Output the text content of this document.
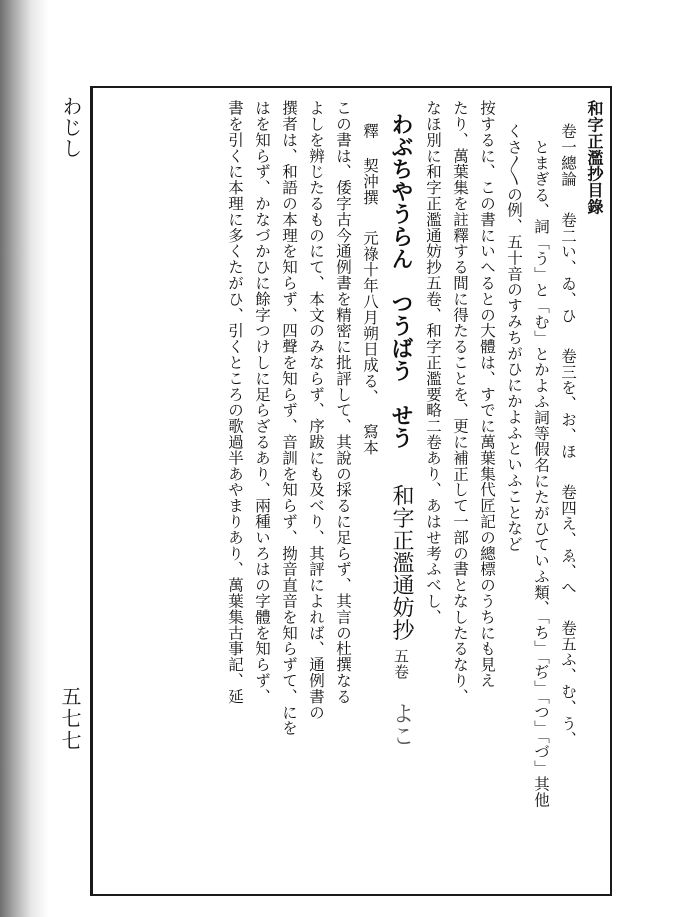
わじし
五七七
和字正濫抄目錄
卷一總論卷二い、ゐ、ひ卷三を、お、ほ卷四え、ゑ、へ卷五ふ、む、う、
とまぎる、詞「う」と「む」とかよふ詞等假名にたがひていふ類、「ち」「ぢ」「つ」「づ」其他
くさ〱の例、五十音のすみちがひにかよふといふことなど
按するに、この書にいへるとの大體は、すでに萬葉集代匠記の總標のうちにも見え
たり、萬葉集を註釋する間に得たることを、更に補正して一部の書となしたるなり、
なほ別に和字正濫通妨抄五卷、和字正濫要略二卷あり、あはせ考ふべし、
わぶちやうらん　つうばう　せう和字正濫通妨抄五卷よこ
釋契沖撰元祿十年八月朔日成る、寫本
この書は、倭字古今通例書を精密に批評して、其說の採るに足らず、其言の杜撰なる
よしを辨じたるものにて、本文のみならず、序跋にも及べり、其評によれば、通例書の
撰者は、和語の本理を知らず、四聲を知らず、音訓を知らず、拗音直音を知らずて、にを
はを知らず、かなづかひに餘字つけしに足らざるあり、兩種いろはの字體を知らず、
書を引くに本理に多くたがひ、引くところの歌過半あやまりあり、萬葉集古事記、延
